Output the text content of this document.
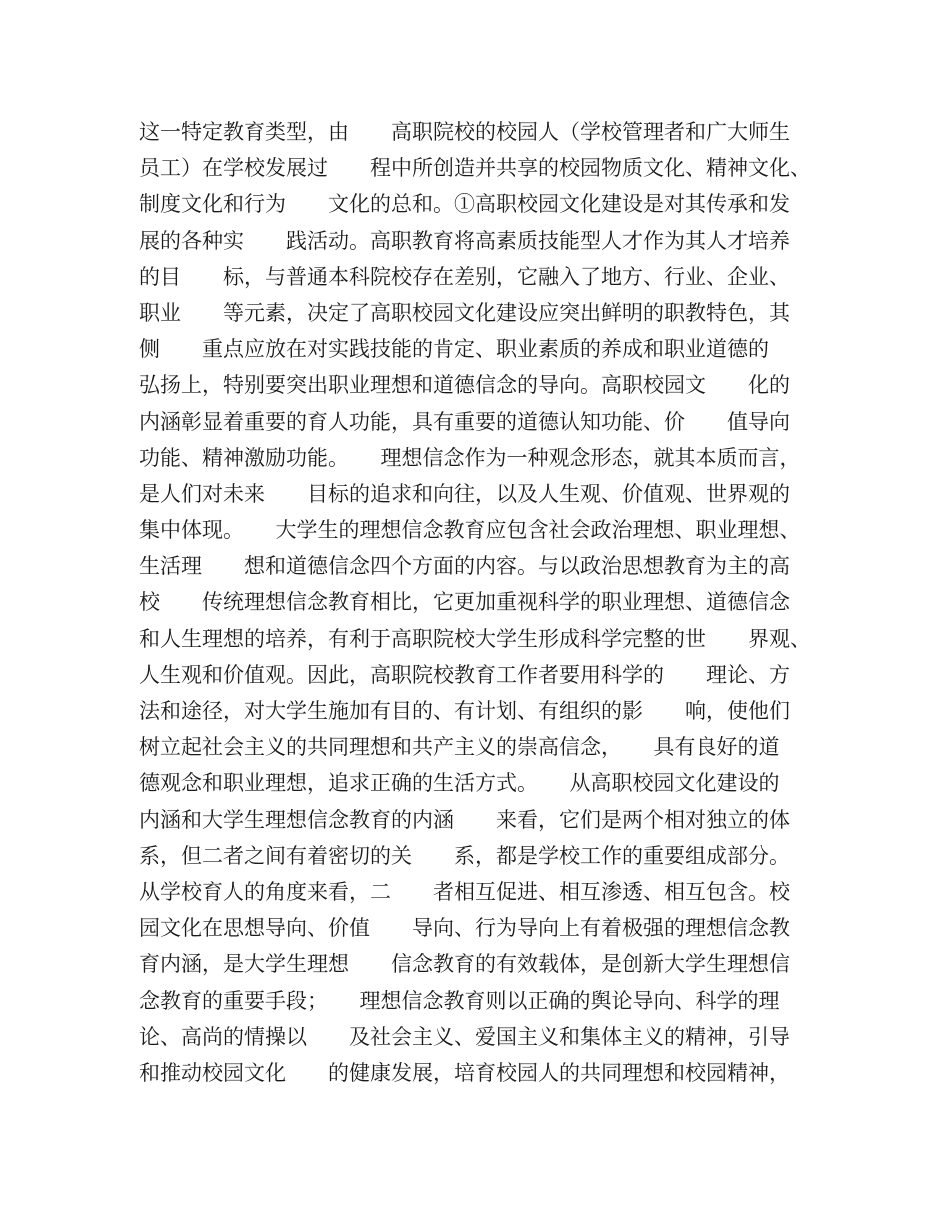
这一特定教育类型，由　　高职院校的校园人（学校管理者和广大师生
员工）在学校发展过　　程中所创造并共享的校园物质文化、精神文化、
制度文化和行为　　文化的总和。①高职校园文化建设是对其传承和发
展的各种实　　践活动。高职教育将高素质技能型人才作为其人才培养
的目　　标，与普通本科院校存在差别，它融入了地方、行业、企业、
职业　　等元素，决定了高职校园文化建设应突出鲜明的职教特色，其
侧　　重点应放在对实践技能的肯定、职业素质的养成和职业道德的
弘扬上，特别要突出职业理想和道德信念的导向。高职校园文　　化的
内涵彰显着重要的育人功能，具有重要的道德认知功能、价　　值导向
功能、精神激励功能。　　理想信念作为一种观念形态，就其本质而言，
是人们对未来　　目标的追求和向往，以及人生观、价值观、世界观的
集中体现。　　大学生的理想信念教育应包含社会政治理想、职业理想、
生活理　　想和道德信念四个方面的内容。与以政治思想教育为主的高
校　　传统理想信念教育相比，它更加重视科学的职业理想、道德信念
和人生理想的培养，有利于高职院校大学生形成科学完整的世　　界观、
人生观和价值观。因此，高职院校教育工作者要用科学的　　理论、方
法和途径，对大学生施加有目的、有计划、有组织的影　　响，使他们
树立起社会主义的共同理想和共产主义的崇高信念，　　具有良好的道
德观念和职业理想，追求正确的生活方式。　　从高职校园文化建设的
内涵和大学生理想信念教育的内涵　　来看，它们是两个相对独立的体
系，但二者之间有着密切的关　　系，都是学校工作的重要组成部分。
从学校育人的角度来看，二　　者相互促进、相互渗透、相互包含。校
园文化在思想导向、价值　　导向、行为导向上有着极强的理想信念教
育内涵，是大学生理想　　信念教育的有效载体，是创新大学生理想信
念教育的重要手段；　　理想信念教育则以正确的舆论导向、科学的理
论、高尚的情操以　　及社会主义、爱国主义和集体主义的精神，引导
和推动校园文化　　的健康发展，培育校园人的共同理想和校园精神，
